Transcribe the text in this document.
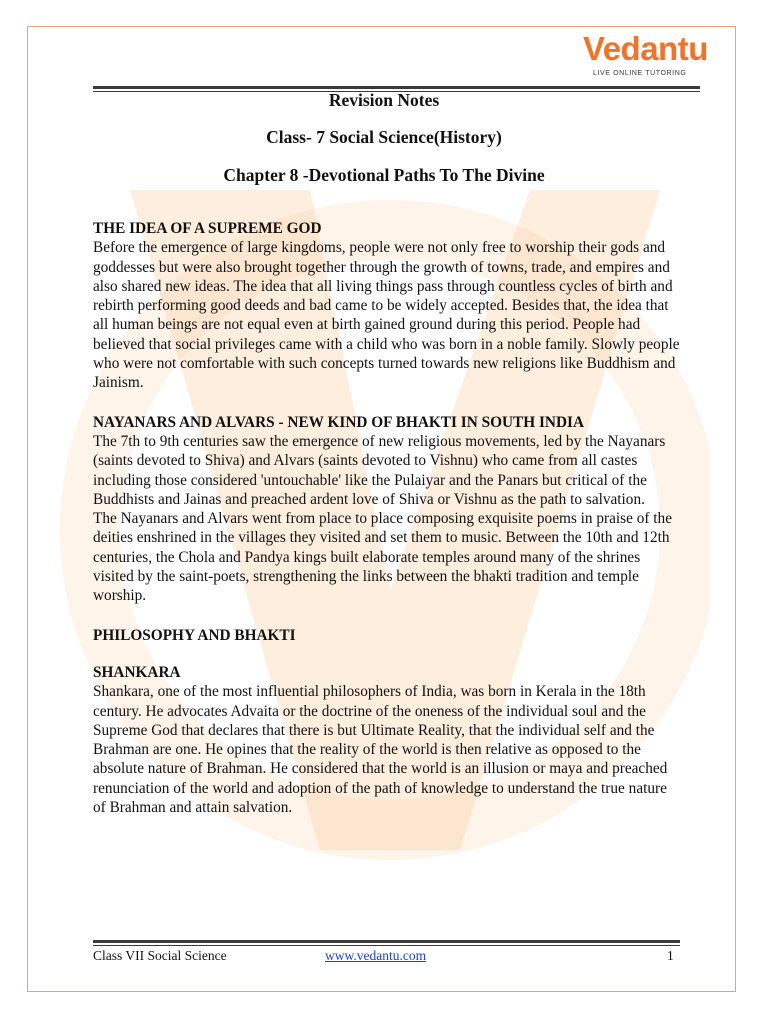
Vedantu
LIVE ONLINE TUTORING
Revision Notes
Class- 7 Social Science(History)
Chapter 8 -Devotional Paths To The Divine
THE IDEA OF A SUPREME GOD

Before the emergence of large kingdoms, people were not only free to worship their gods and goddesses but were also brought together through the growth of towns, trade, and empires and also shared new ideas. The idea that all living things pass through countless cycles of birth and rebirth performing good deeds and bad came to be widely accepted. Besides that, the idea that all human beings are not equal even at birth gained ground during this period. People had believed that social privileges came with a child who was born in a noble family. Slowly people who were not comfortable with such concepts turned towards new religions like Buddhism and Jainism.

NAYANARS AND ALVARS - NEW KIND OF BHAKTI IN SOUTH INDIA

The 7th to 9th centuries saw the emergence of new religious movements, led by the Nayanars (saints devoted to Shiva) and Alvars (saints devoted to Vishnu) who came from all castes including those considered 'untouchable' like the Pulaiyar and the Panars but critical of the Buddhists and Jainas and preached ardent love of Shiva or Vishnu as the path to salvation.

The Nayanars and Alvars went from place to place composing exquisite poems in praise of the deities enshrined in the villages they visited and set them to music. Between the 10th and 12th centuries, the Chola and Pandya kings built elaborate temples around many of the shrines visited by the saint-poets, strengthening the links between the bhakti tradition and temple worship.

PHILOSOPHY AND BHAKTI
SHANKARA

Shankara, one of the most influential philosophers of India, was born in Kerala in the 18th century. He advocates Advaita or the doctrine of the oneness of the individual soul and the Supreme God that declares that there is but Ultimate Reality, that the individual self and the Brahman are one. He opines that the reality of the world is then relative as opposed to the absolute nature of Brahman. He considered that the world is an illusion or maya and preached renunciation of the world and adoption of the path of knowledge to understand the true nature of Brahman and attain salvation.

Class VII Social Science	www.vedantu.com	1
